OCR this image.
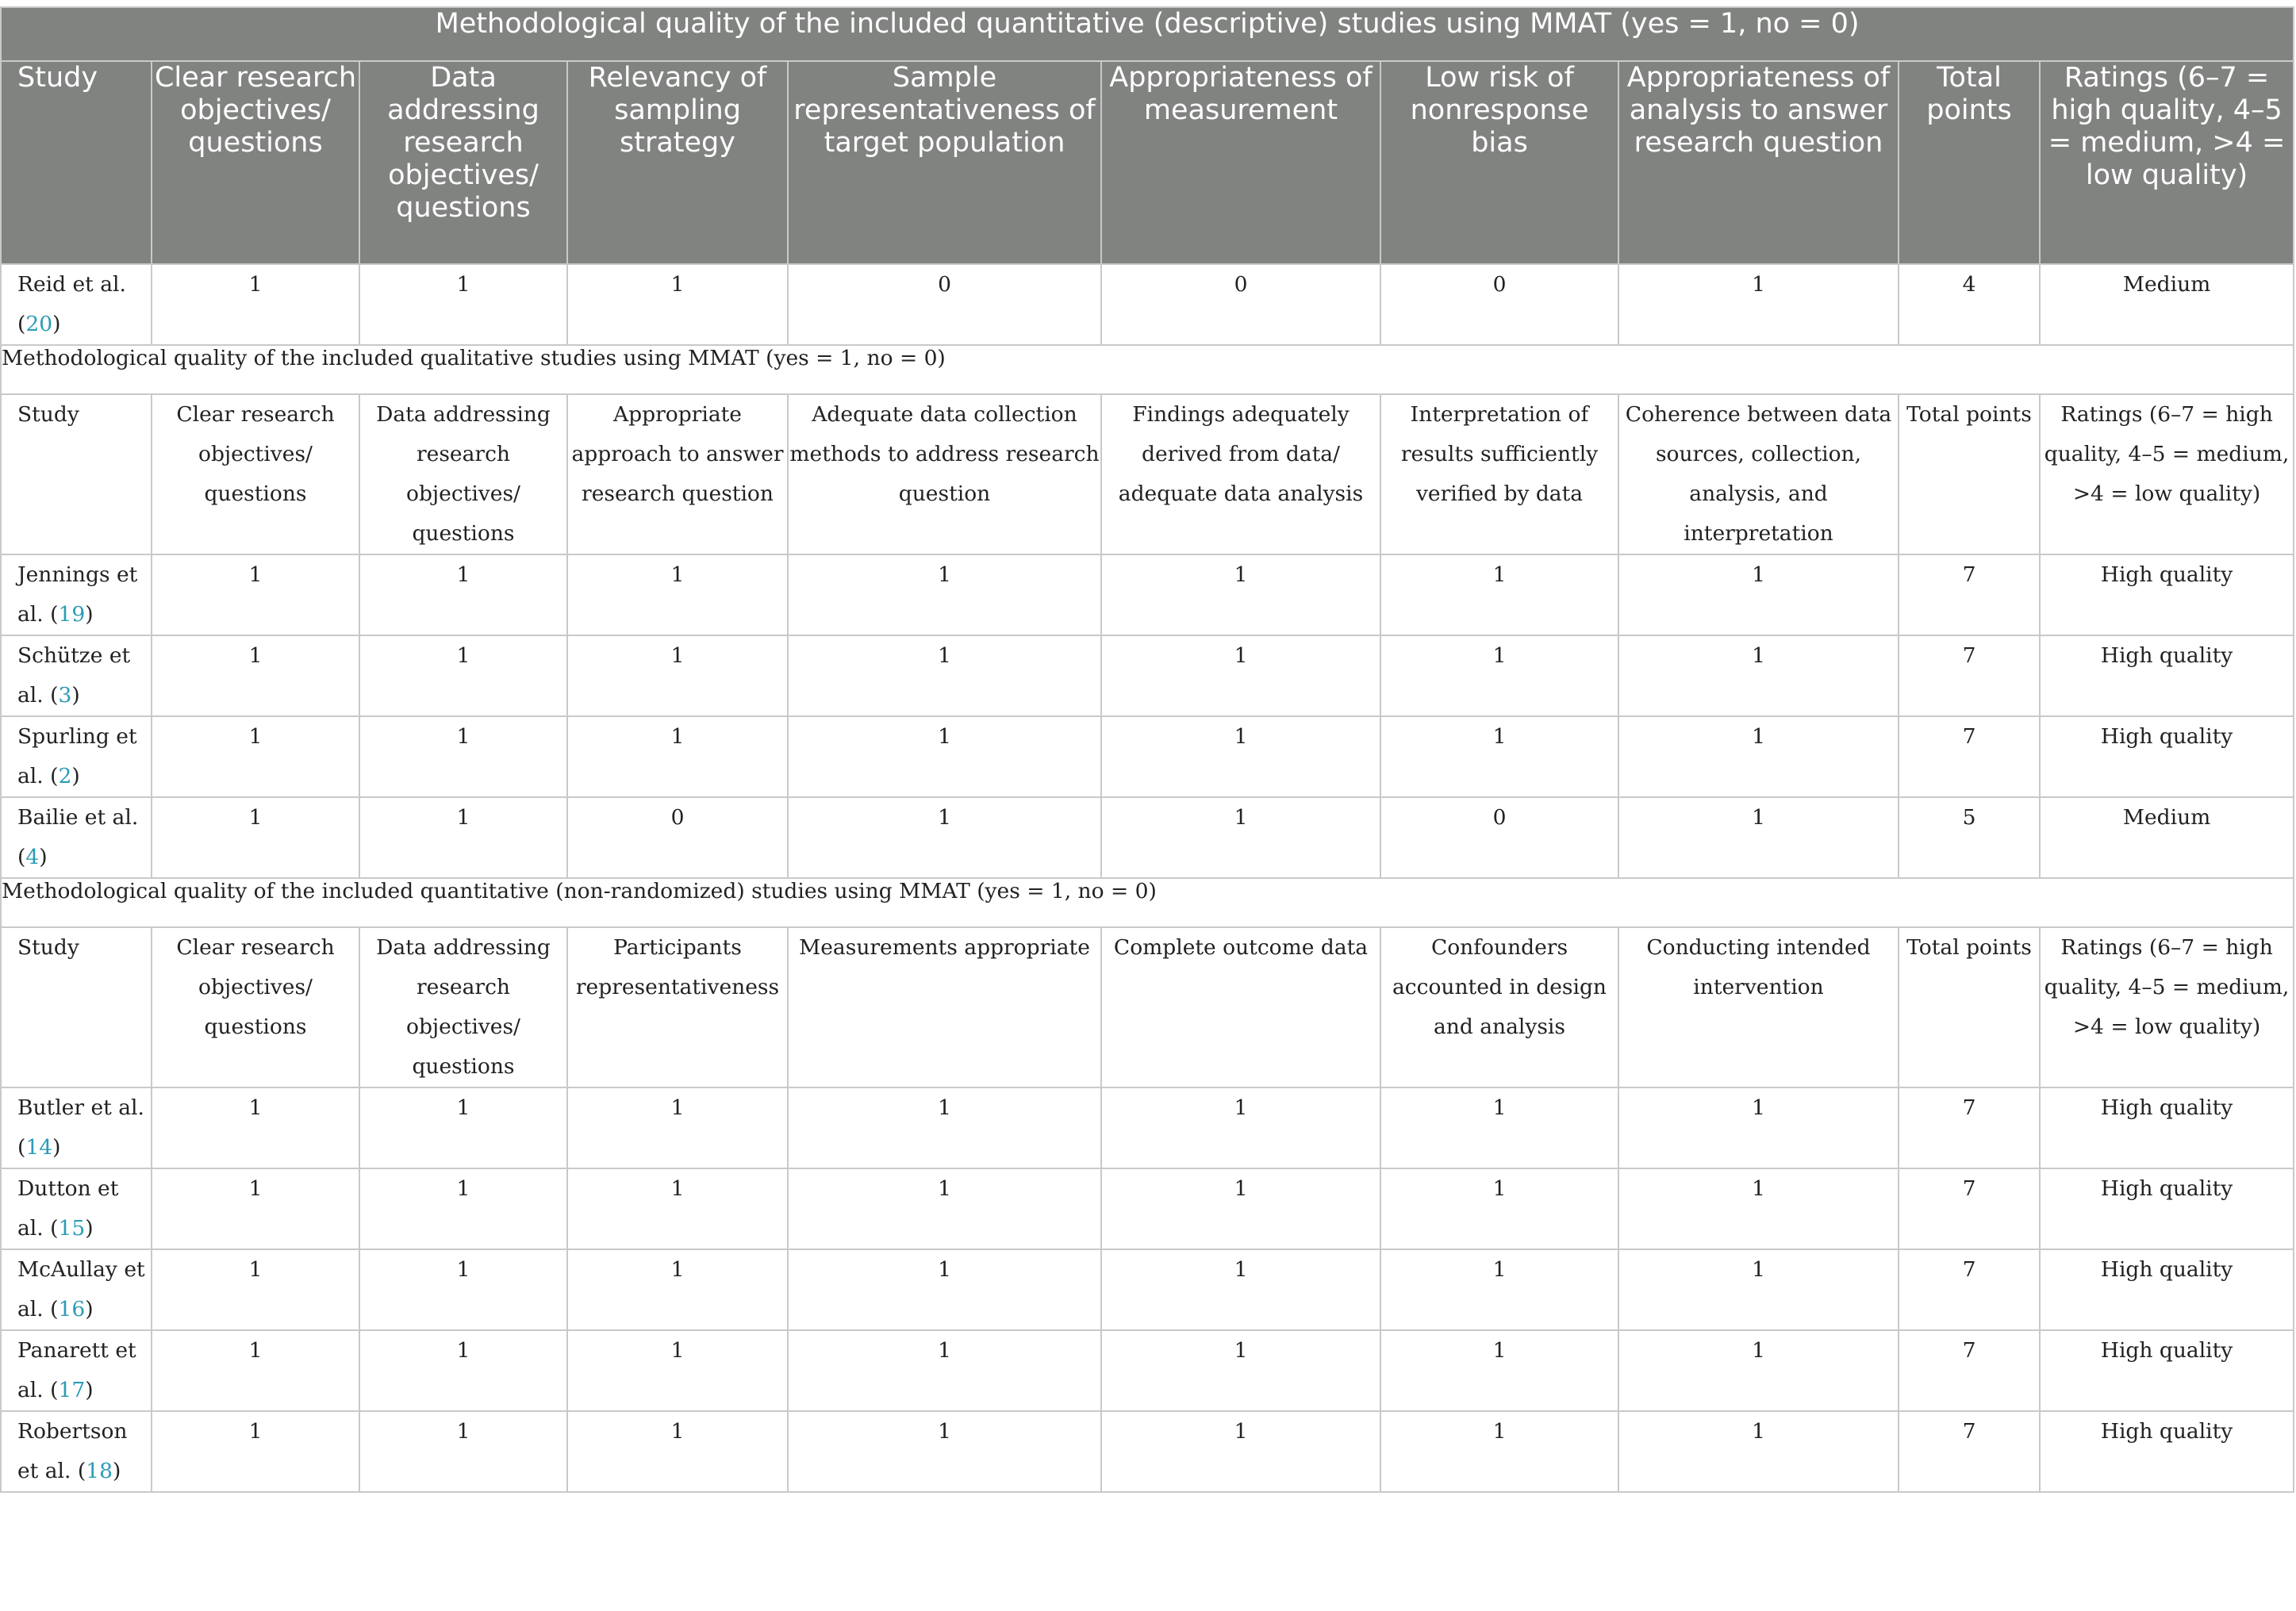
Methodological quality of the included quantitative (descriptive) studies using MMAT (yes = 1, no = 0)									
Study	Clear research objectives/ questions	Data addressing research objectives/ questions	Relevancy of sampling strategy	Sample representativeness of target population	Appropriateness of measurement	Low risk of nonresponse bias	Appropriateness of analysis to answer research question	Total points	Ratings (6–7 = high quality, 4–5 = medium, >4 = low quality)
Reid et al. (20)	1	1	1	0	0	0	1	4	Medium
Methodological quality of the included qualitative studies using MMAT (yes = 1, no = 0)									
Study	Clear research objectives/ questions	Data addressing research objectives/ questions	Appropriate approach to answer research question	Adequate data collection methods to address research question	Findings adequately derived from data/ adequate data analysis	Interpretation of results sufficiently verified by data	Coherence between data sources, collection, analysis, and interpretation	Total points	Ratings (6–7 = high quality, 4–5 = medium, >4 = low quality)
Jennings et al. (19)	1	1	1	1	1	1	1	7	High quality
Schütze et al. (3)	1	1	1	1	1	1	1	7	High quality
Spurling et al. (2)	1	1	1	1	1	1	1	7	High quality
Bailie et al. (4)	1	1	0	1	1	0	1	5	Medium
Methodological quality of the included quantitative (non-randomized) studies using MMAT (yes = 1, no = 0)									
Study	Clear research objectives/ questions	Data addressing research objectives/ questions	Participants representativeness	Measurements appropriate	Complete outcome data	Confounders accounted in design and analysis	Conducting intended intervention	Total points	Ratings (6–7 = high quality, 4–5 = medium, >4 = low quality)
Butler et al. (14)	1	1	1	1	1	1	1	7	High quality
Dutton et al. (15)	1	1	1	1	1	1	1	7	High quality
McAullay et al. (16)	1	1	1	1	1	1	1	7	High quality
Panarett et al. (17)	1	1	1	1	1	1	1	7	High quality
Robertson et al. (18)	1	1	1	1	1	1	1	7	High quality
